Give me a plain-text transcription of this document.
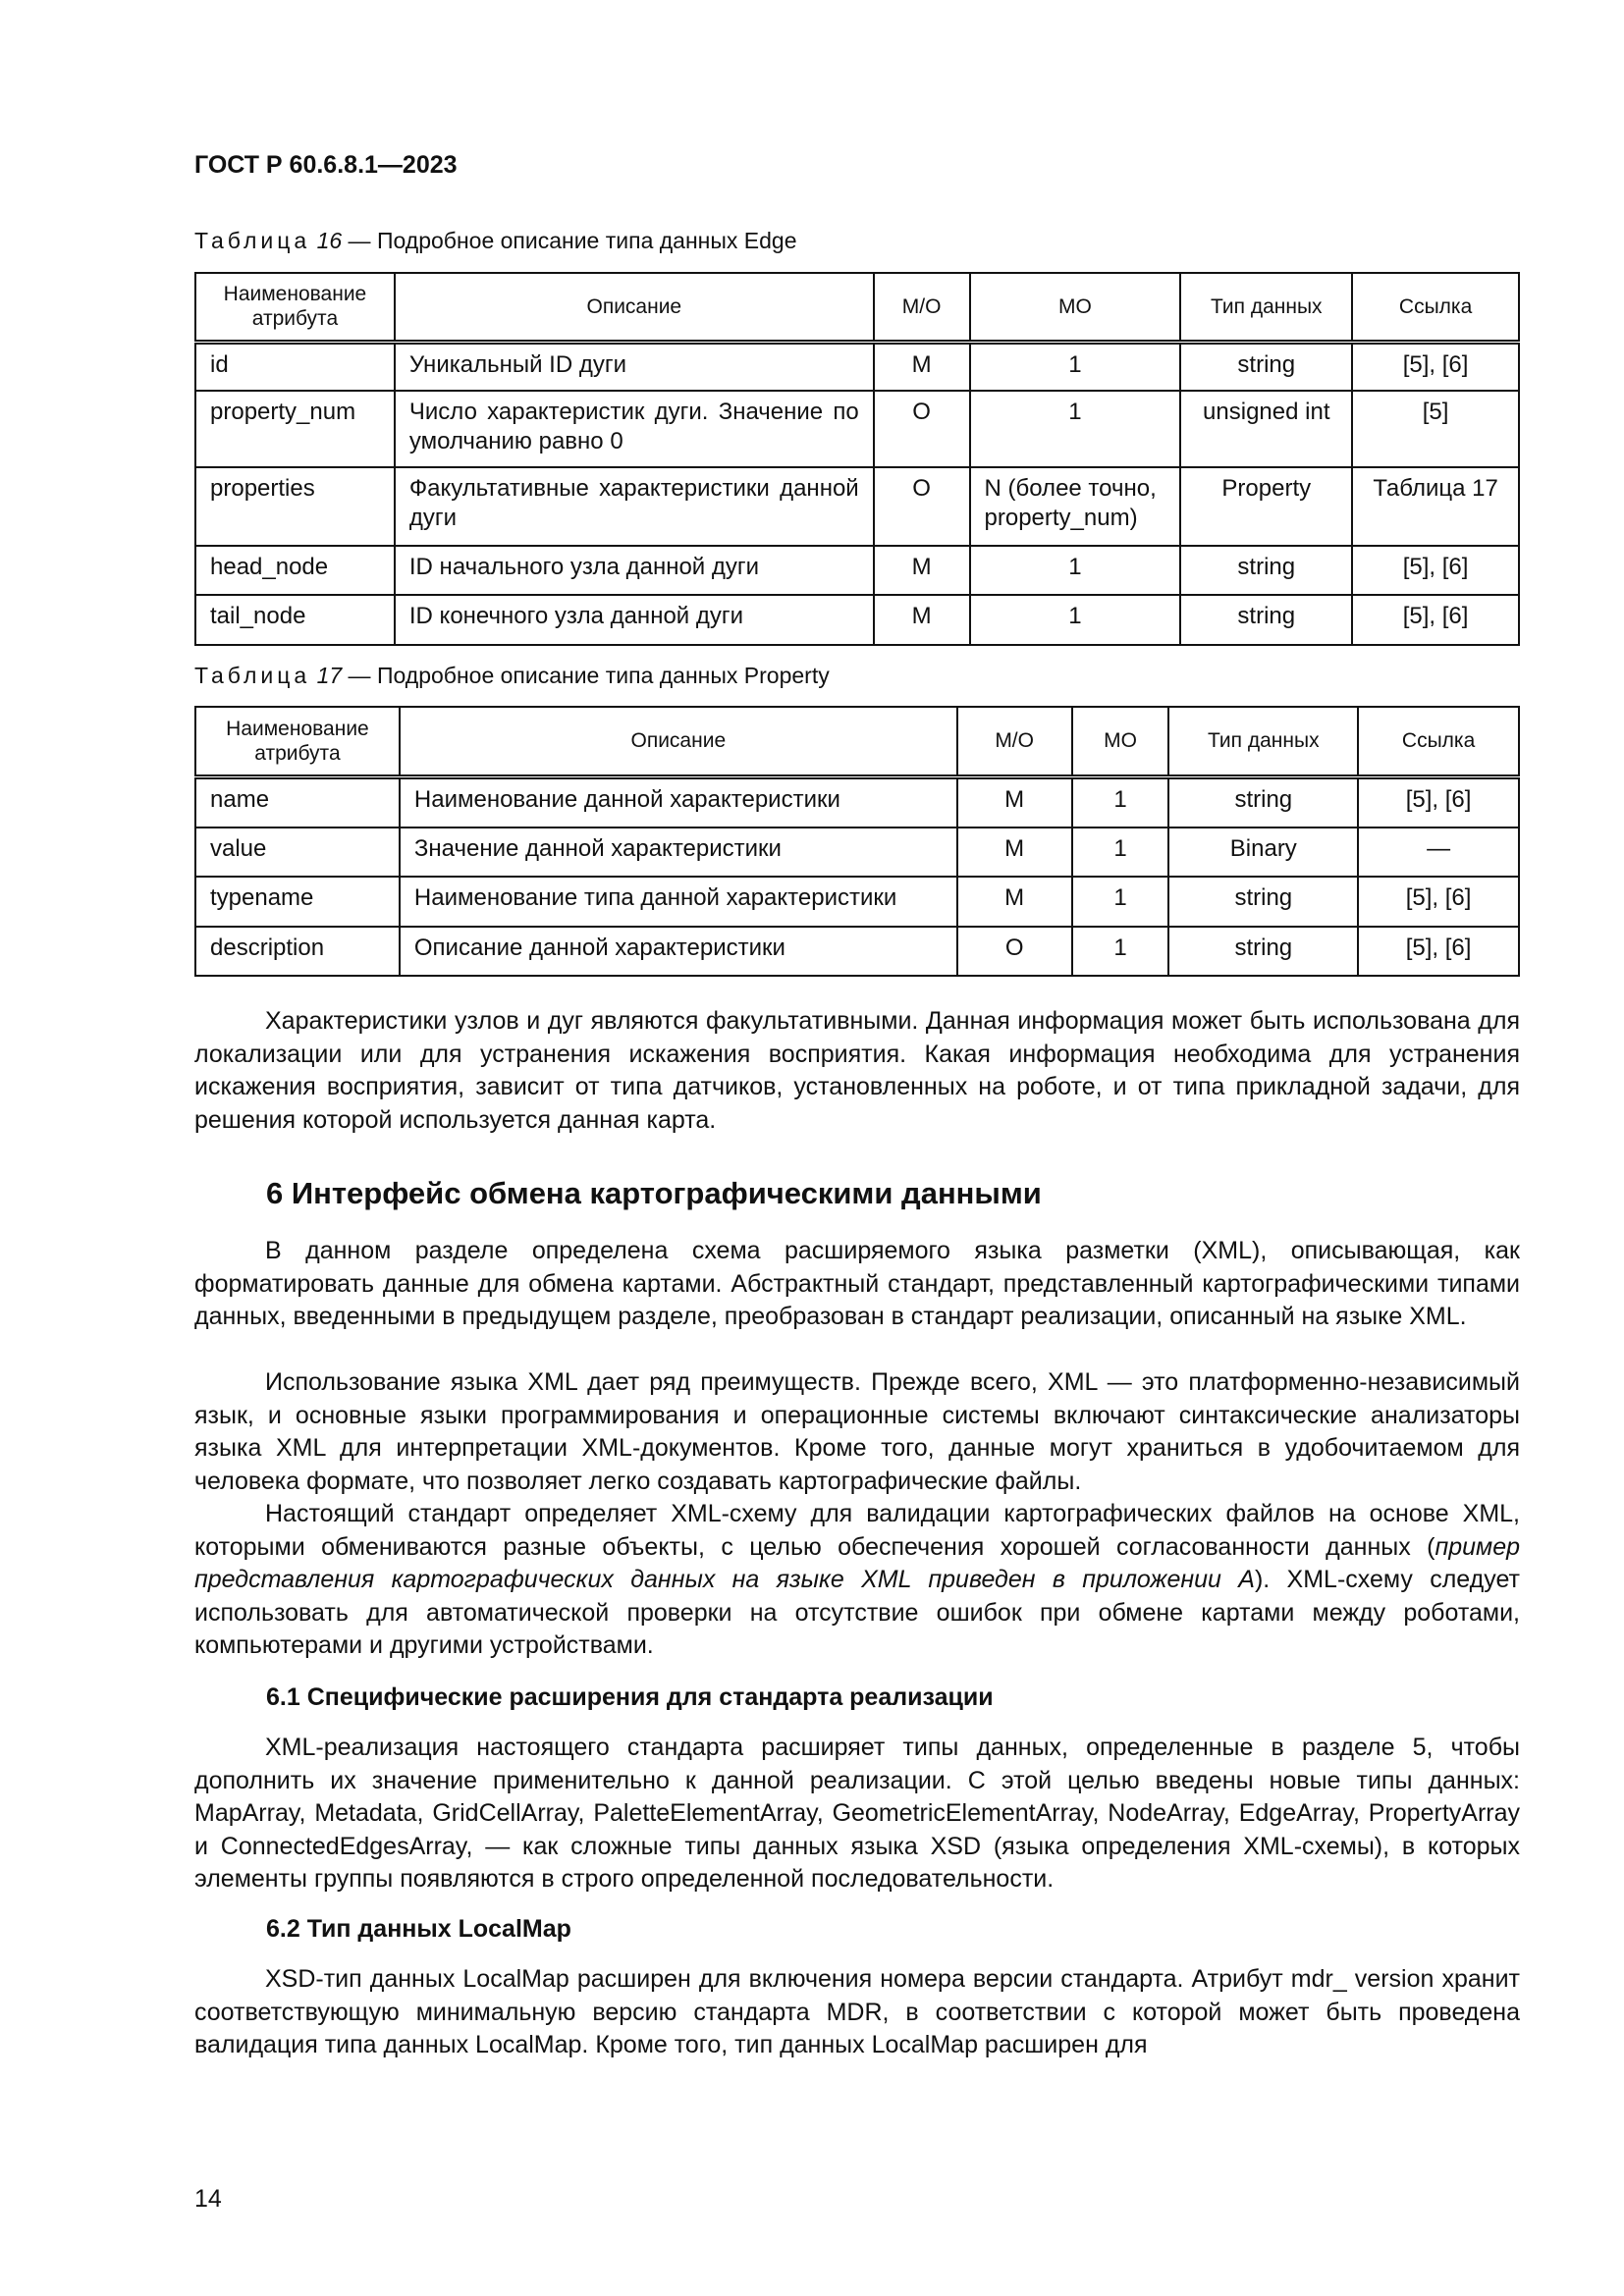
ГОСТ Р 60.6.8.1—2023
Таблица 16 — Подробное описание типа данных Edge
Наименование атрибута	Описание	М/О	МО	Тип данных	Ссылка
id	Уникальный ID дуги	M	1	string	[5], [6]
property_num	Число характеристик дуги. Значение по умолчанию равно 0	O	1	unsigned int	[5]
properties	Факультативные характеристики данной дуги	O	N (более точно, property_num)	Property	Таблица 17
head_node	ID начального узла данной дуги	M	1	string	[5], [6]
tail_node	ID конечного узла данной дуги	M	1	string	[5], [6]
Таблица 17 — Подробное описание типа данных Property
Наименование атрибута	Описание	М/О	МО	Тип данных	Ссылка
name	Наименование данной характеристики	M	1	string	[5], [6]
value	Значение данной характеристики	M	1	Binary	—
typename	Наименование типа данной характеристики	M	1	string	[5], [6]
description	Описание данной характеристики	O	1	string	[5], [6]

Характеристики узлов и дуг являются факультативными. Данная информация может быть использована для локализации или для устранения искажения восприятия. Какая информация необходима для устранения искажения восприятия, зависит от типа датчиков, установленных на роботе, и от типа прикладной задачи, для решения которой используется данная карта.

6 Интерфейс обмена картографическими данными

В данном разделе определена схема расширяемого языка разметки (XML), описывающая, как форматировать данные для обмена картами. Абстрактный стандарт, представленный картографическими типами данных, введенными в предыдущем разделе, преобразован в стандарт реализации, описанный на языке XML.

Использование языка XML дает ряд преимуществ. Прежде всего, XML — это платформенно-независимый язык, и основные языки программирования и операционные системы включают синтаксические анализаторы языка XML для интерпретации XML-документов. Кроме того, данные могут храниться в удобочитаемом для человека формате, что позволяет легко создавать картографические файлы.

Настоящий стандарт определяет XML-схему для валидации картографических файлов на основе XML, которыми обмениваются разные объекты, с целью обеспечения хорошей согласованности данных (пример представления картографических данных на языке XML приведен в приложении А). XML-схему следует использовать для автоматической проверки на отсутствие ошибок при обмене картами между роботами, компьютерами и другими устройствами.

6.1 Специфические расширения для стандарта реализации

XML-реализация настоящего стандарта расширяет типы данных, определенные в разделе 5, чтобы дополнить их значение применительно к данной реализации. С этой целью введены новые типы данных: MapArray, Metadata, GridCellArray, PaletteElementArray, GeometricElementArray, NodeArray, EdgeArray, PropertyArray и ConnectedEdgesArray, — как сложные типы данных языка XSD (языка определения XML-схемы), в которых элементы группы появляются в строго определенной последовательности.

6.2 Тип данных LocalMap

XSD-тип данных LocalMap расширен для включения номера версии стандарта. Атрибут mdr_ version хранит соответствующую минимальную версию стандарта MDR, в соответствии с которой может быть проведена валидация типа данных LocalMap. Кроме того, тип данных LocalMap расширен для

14
